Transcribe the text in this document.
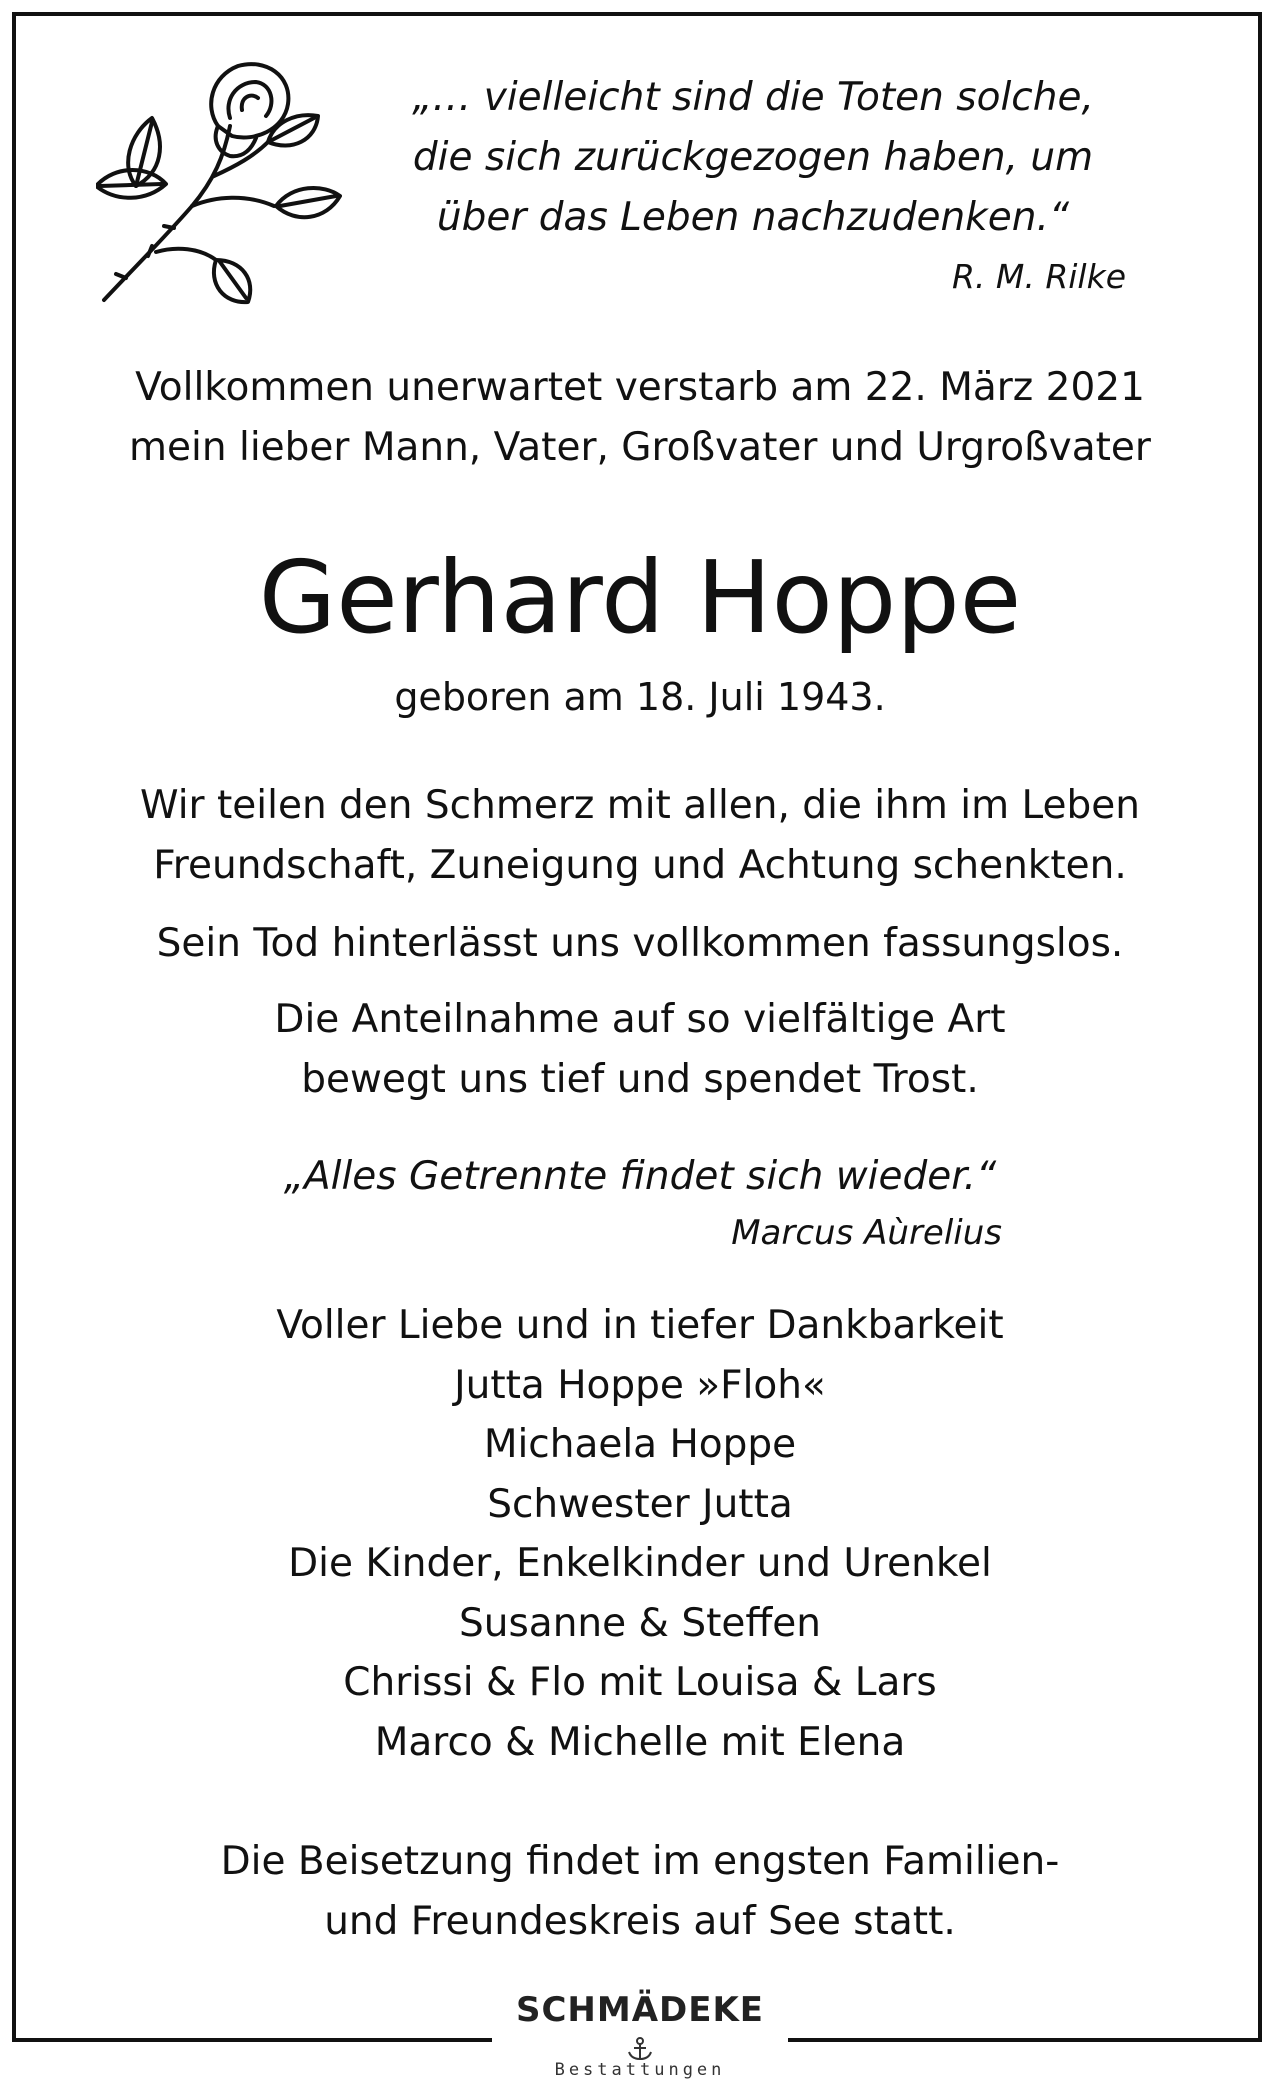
„… vielleicht sind die Toten solche,
die sich zurückgezogen haben, um
über das Leben nachzudenken.“
R. M. Rilke
Vollkommen unerwartet verstarb am 22. März 2021
mein lieber Mann, Vater, Großvater und Urgroßvater
Gerhard Hoppe
geboren am 18. Juli 1943.
Wir teilen den Schmerz mit allen, die ihm im Leben
Freundschaft, Zuneigung und Achtung schenkten.
Sein Tod hinterlässt uns vollkommen fassungslos.
Die Anteilnahme auf so vielfältige Art
bewegt uns tief und spendet Trost.
„Alles Getrennte findet sich wieder.“
Marcus Aùrelius
Voller Liebe und in tiefer Dankbarkeit
Jutta Hoppe »Floh«
Michaela Hoppe
Schwester Jutta
Die Kinder, Enkelkinder und Urenkel
Susanne & Steffen
Chrissi & Flo mit Louisa & Lars
Marco & Michelle mit Elena
Die Beisetzung findet im engsten Familien-
und Freundeskreis auf See statt.
SCHMÄDEKE
Bestattungen
